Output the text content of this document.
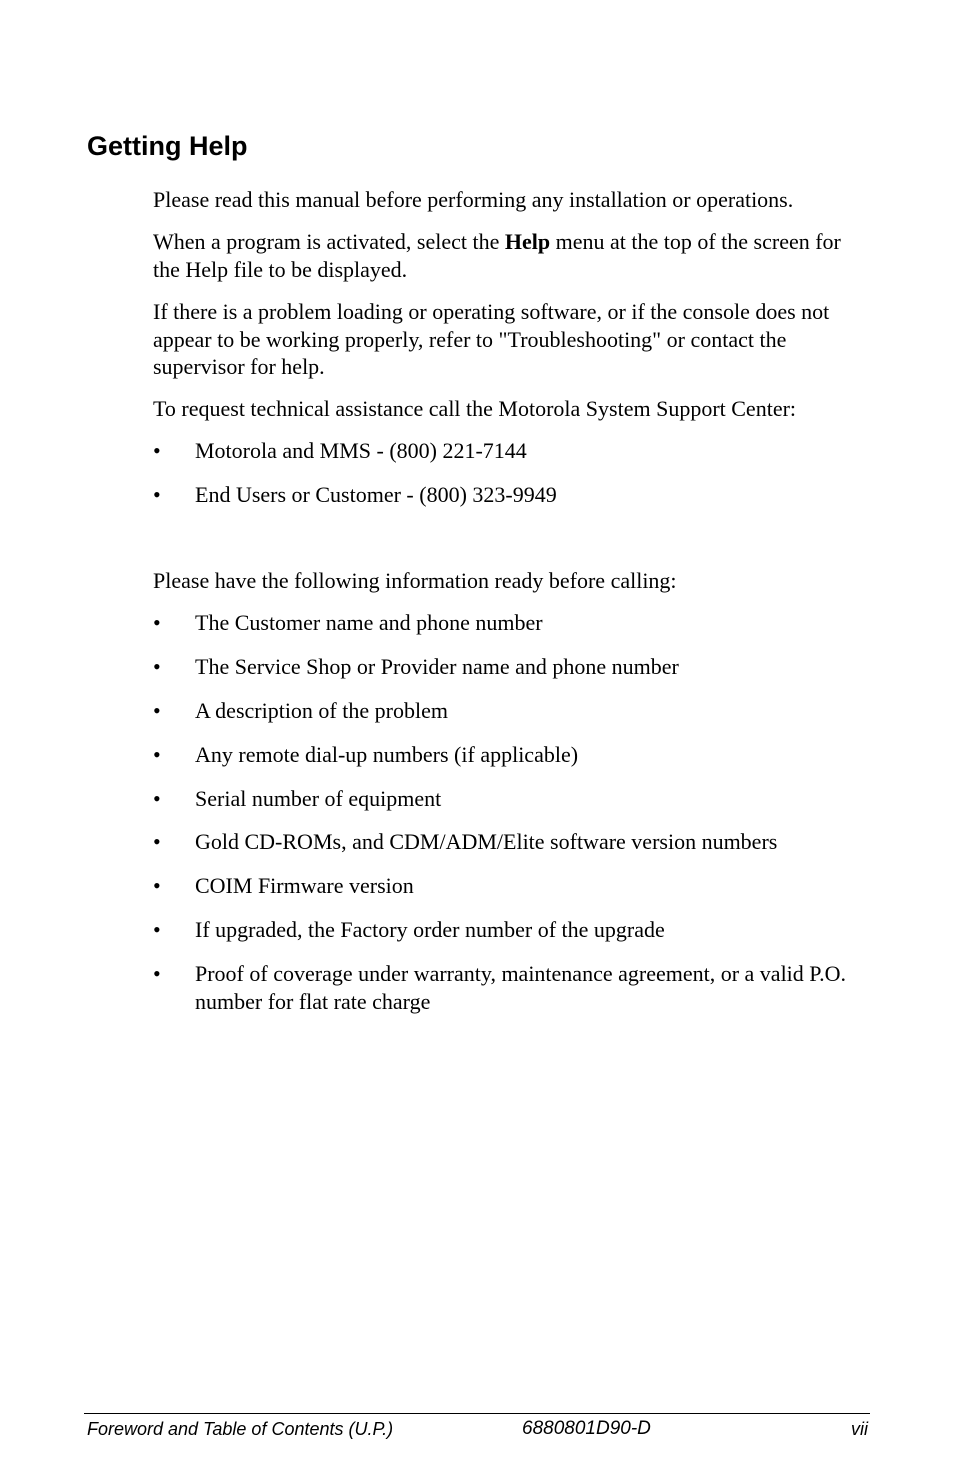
Getting Help

Please read this manual before performing any installation or operations.

When a program is activated, select the Help menu at the top of the screen for the Help file to be displayed.

If there is a problem loading or operating software, or if the console does not appear to be working properly, refer to "Troubleshooting" or contact the supervisor for help.

To request technical assistance call the Motorola System Support Center:

• Motorola and MMS - (800) 221-7144
• End Users or Customer - (800) 323-9949

Please have the following information ready before calling:

• The Customer name and phone number
• The Service Shop or Provider name and phone number
• A description of the problem
• Any remote dial-up numbers (if applicable)
• Serial number of equipment
• Gold CD-ROMs, and CDM/ADM/Elite software version numbers
• COIM Firmware version
• If upgraded, the Factory order number of the upgrade
• Proof of coverage under warranty, maintenance agreement, or a valid P.O. number for flat rate charge

Foreword and Table of Contents (U.P.)	6880801D90-D	vii
